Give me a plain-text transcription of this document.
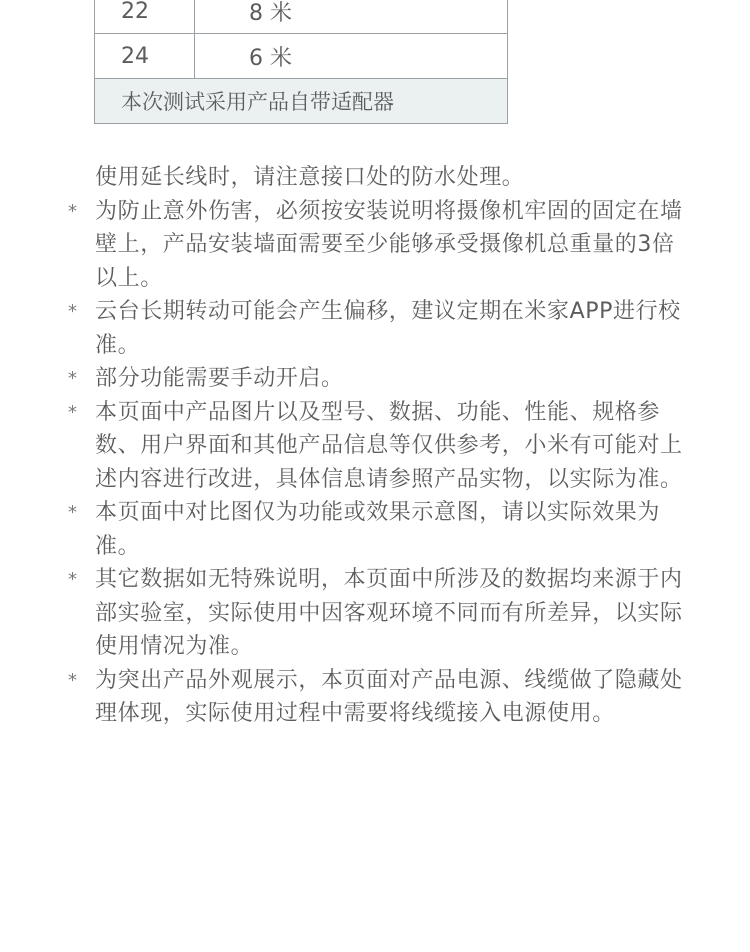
22	8 米
24	6 米
本次测试采用产品自带适配器	
使用延长线时，请注意接口处的防水处理。
* 为防止意外伤害，必须按安装说明将摄像机牢固的固定在墙壁上，产品安装墙面需要至少能够承受摄像机总重量的3倍以上。
* 云台长期转动可能会产生偏移，建议定期在米家APP进行校准。
* 部分功能需要手动开启。
* 本页面中产品图片以及型号、数据、功能、性能、规格参数、用户界面和其他产品信息等仅供参考，小米有可能对上述内容进行改进，具体信息请参照产品实物，以实际为准。
* 本页面中对比图仅为功能或效果示意图，请以实际效果为准。
* 其它数据如无特殊说明，本页面中所涉及的数据均来源于内部实验室，实际使用中因客观环境不同而有所差异，以实际使用情况为准。
* 为突出产品外观展示，本页面对产品电源、线缆做了隐藏处理体现，实际使用过程中需要将线缆接入电源使用。
